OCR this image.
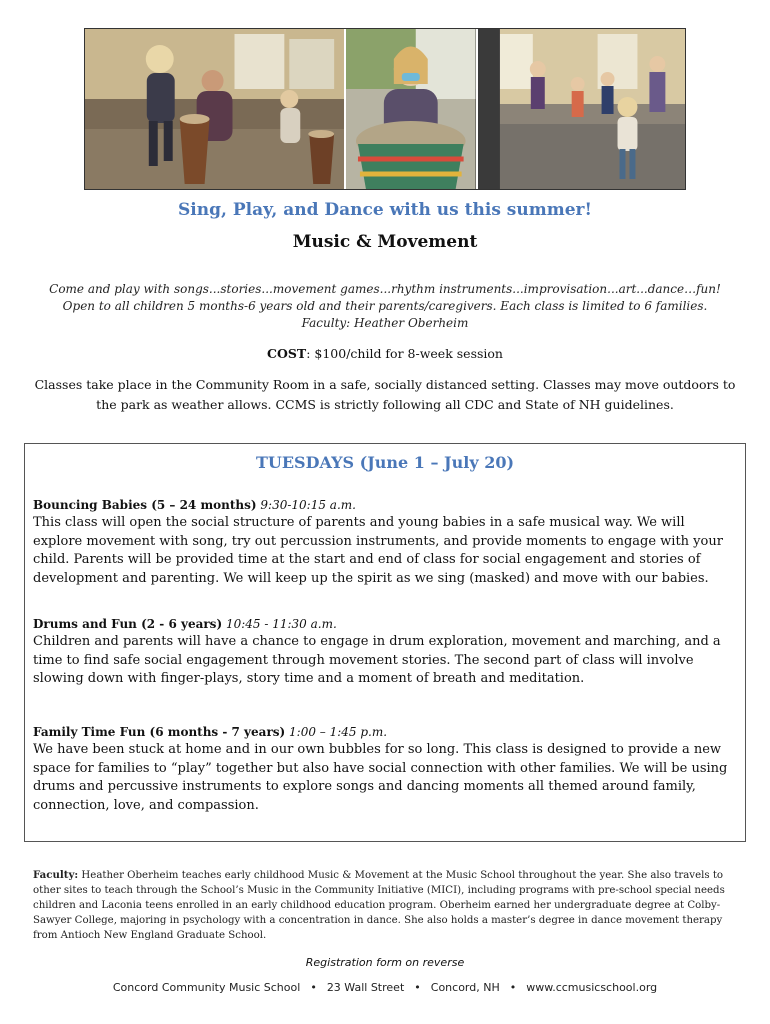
Sing, Play, and Dance with us this summer!
Music & Movement
Come and play with songs...stories...movement games...rhythm instruments...improvisation...art...dance…fun!
Open to all children 5 months-6 years old and their parents/caregivers. Each class is limited to 6 families.
Faculty: Heather Oberheim
COST: $100/child for 8-week session
Classes take place in the Community Room in a safe, socially distanced setting. Classes may move outdoors to the park as weather allows. CCMS is strictly following all CDC and State of NH guidelines.
TUESDAYS (June 1 – July 20)
Bouncing Babies (5 – 24 months) 9:30-10:15 a.m.
This class will open the social structure of parents and young babies in a safe musical way. We will explore movement with song, try out percussion instruments, and provide moments to engage with your child. Parents will be provided time at the start and end of class for social engagement and stories of development and parenting. We will keep up the spirit as we sing (masked) and move with our babies.
Drums and Fun (2 - 6 years) 10:45 - 11:30 a.m.
Children and parents will have a chance to engage in drum exploration, movement and marching, and a time to find safe social engagement through movement stories. The second part of class will involve slowing down with finger-plays, story time and a moment of breath and meditation.
Family Time Fun (6 months - 7 years) 1:00 – 1:45 p.m.
We have been stuck at home and in our own bubbles for so long. This class is designed to provide a new space for families to “play” together but also have social connection with other families. We will be using drums and percussive instruments to explore songs and dancing moments all themed around family, connection, love, and compassion.
Faculty: Heather Oberheim teaches early childhood Music & Movement at the Music School throughout the year. She also travels to other sites to teach through the School’s Music in the Community Initiative (MICI), including programs with pre-school special needs children and Laconia teens enrolled in an early childhood education program. Oberheim earned her undergraduate degree at Colby-Sawyer College, majoring in psychology with a concentration in dance. She also holds a master’s degree in dance movement therapy from Antioch New England Graduate School.
Registration form on reverse
Concord Community Music School • 23 Wall Street • Concord, NH • www.ccmusicschool.org
